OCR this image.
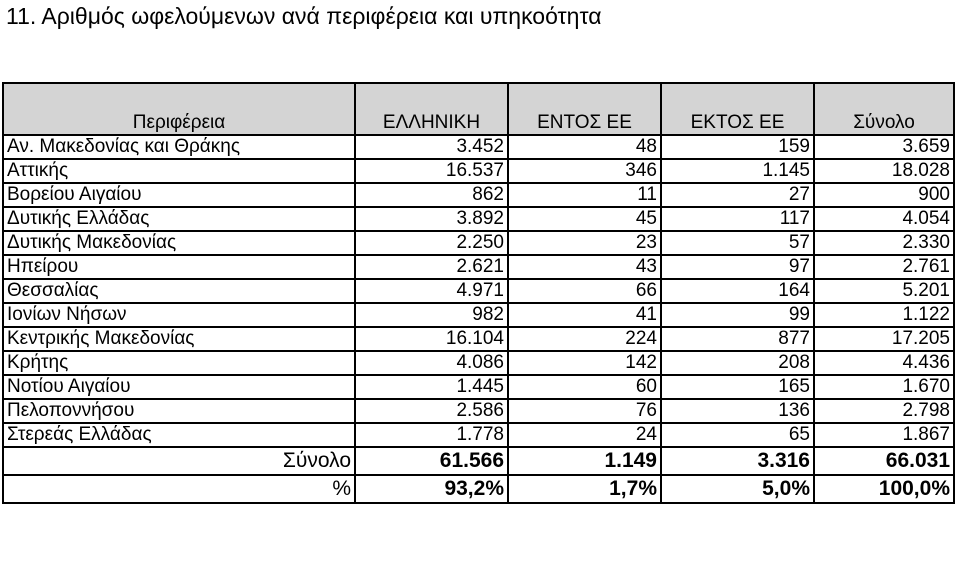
11. Αριθμός ωφελούμενων ανά περιφέρεια και υπηκοότητα
Περιφέρεια	ΕΛΛΗΝΙΚΗ	ΕΝΤΟΣ ΕΕ	ΕΚΤΟΣ ΕΕ	Σύνολο
Αν. Μακεδονίας και Θράκης	3.452	48	159	3.659
Αττικής	16.537	346	1.145	18.028
Βορείου Αιγαίου	862	11	27	900
Δυτικής Ελλάδας	3.892	45	117	4.054
Δυτικής Μακεδονίας	2.250	23	57	2.330
Ηπείρου	2.621	43	97	2.761
Θεσσαλίας	4.971	66	164	5.201
Ιονίων Νήσων	982	41	99	1.122
Κεντρικής Μακεδονίας	16.104	224	877	17.205
Κρήτης	4.086	142	208	4.436
Νοτίου Αιγαίου	1.445	60	165	1.670
Πελοποννήσου	2.586	76	136	2.798
Στερεάς Ελλάδας	1.778	24	65	1.867
Σύνολο	61.566	1.149	3.316	66.031
%	93,2%	1,7%	5,0%	100,0%
